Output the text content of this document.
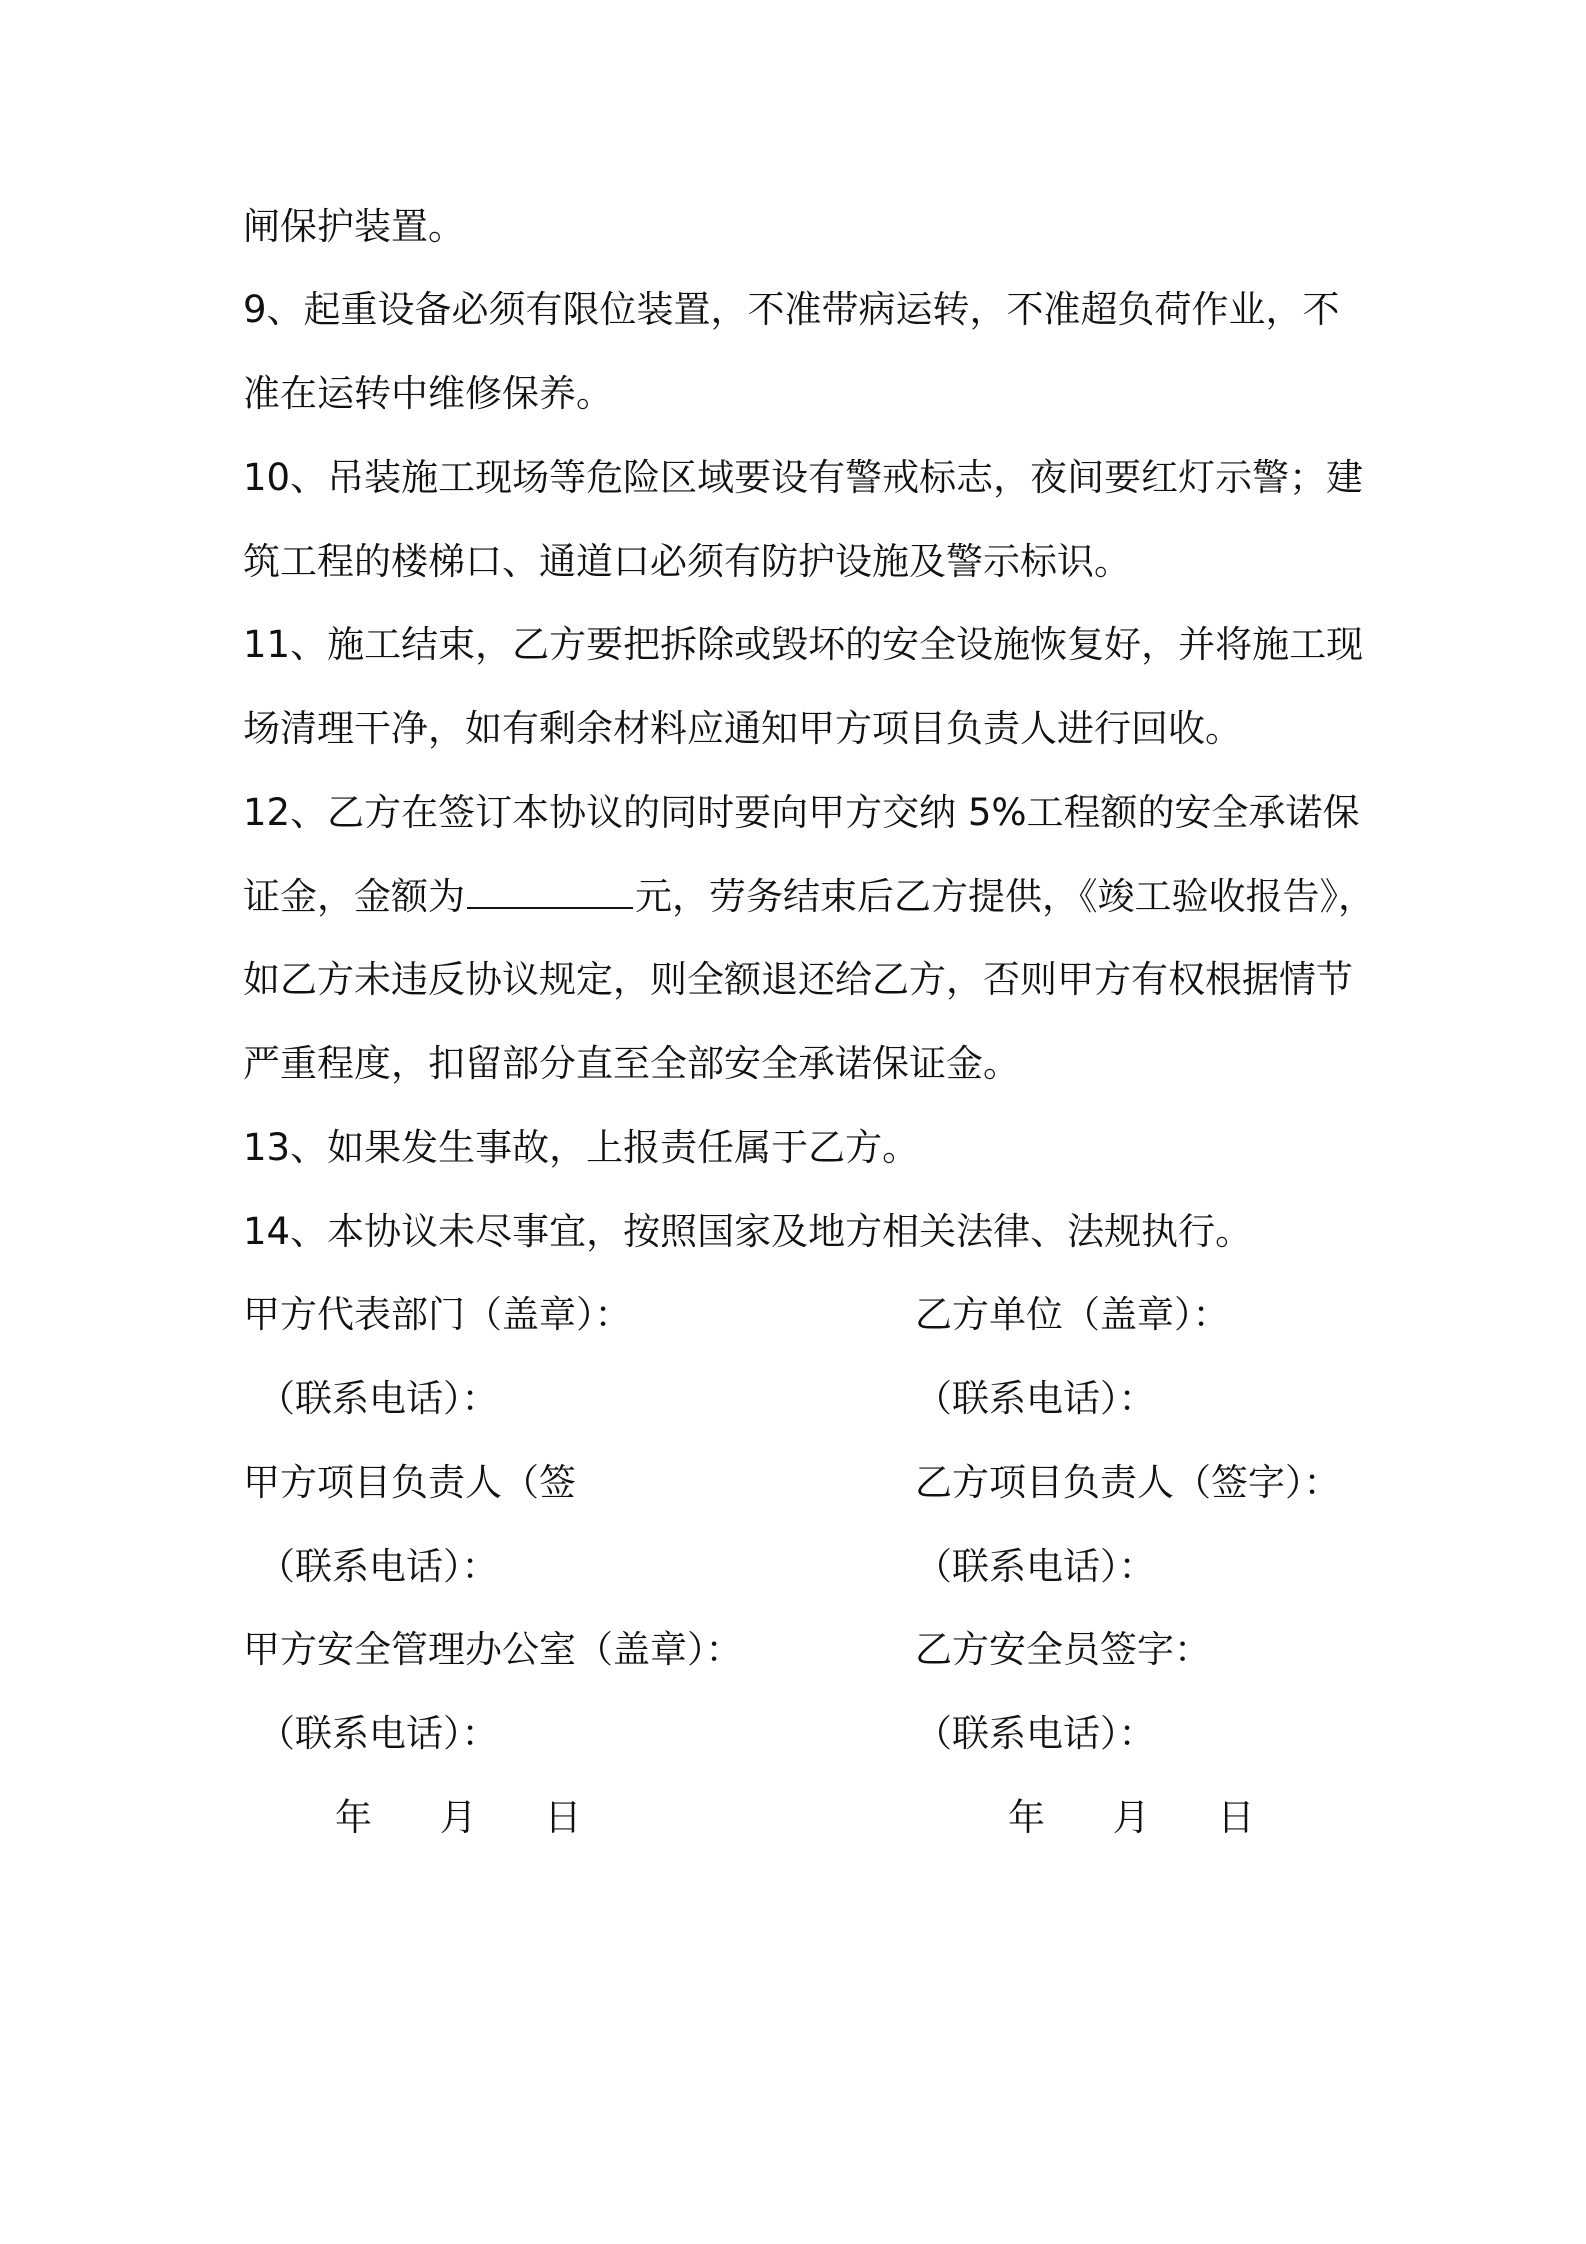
闸保护装置。
9、起重设备必须有限位装置，不准带病运转，不准超负荷作业，不
准在运转中维修保养。
10、吊装施工现场等危险区域要设有警戒标志，夜间要红灯示警；建
筑工程的楼梯口、通道口必须有防护设施及警示标识。
11、施工结束，乙方要把拆除或毁坏的安全设施恢复好，并将施工现
场清理干净，如有剩余材料应通知甲方项目负责人进行回收。
12、乙方在签订本协议的同时要向甲方交纳 5%工程额的安全承诺保
证金，金额为	元，劳务结束后乙方提供，《竣工验收报告》，
如乙方未违反协议规定，则全额退还给乙方，否则甲方有权根据情节
严重程度，扣留部分直至全部安全承诺保证金。
13、如果发生事故，上报责任属于乙方。
14、本协议未尽事宜，按照国家及地方相关法律、法规执行。
甲方代表部门（盖章）：
（联系电话）：
甲方项目负责人（签
（联系电话）：
甲方安全管理办公室（盖章）：
（联系电话）：
乙方单位（盖章）：
（联系电话）：
乙方项目负责人（签字）：
（联系电话）：
乙方安全员签字：
（联系电话）：
年 月 日	年 月 日
